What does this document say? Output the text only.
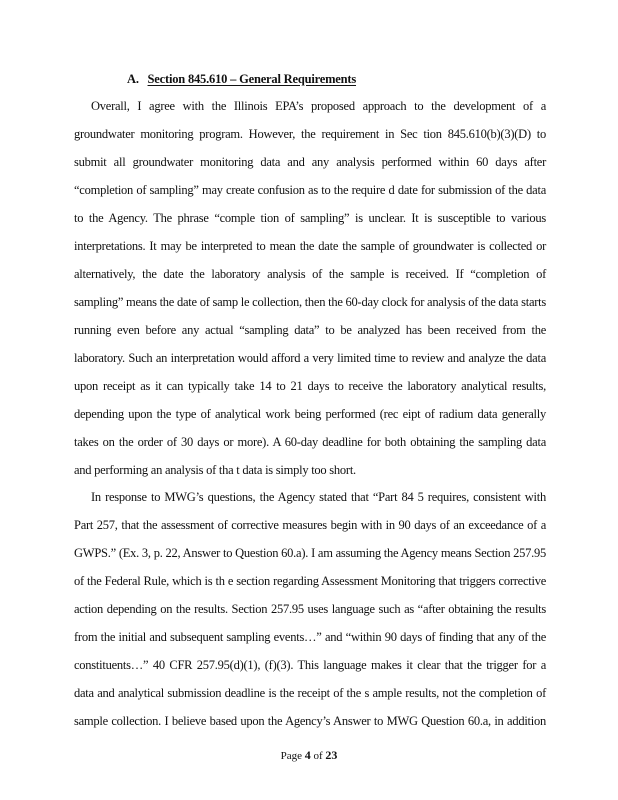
A. Section 845.610 – General Requirements
Overall, I agree with the Illinois EPA’s proposed approach to the development of a
groundwater monitoring program. However, the requirement in Sec tion 845.610(b)(3)(D) to
submit all groundwater monitoring data and any analysis performed within 60 days after
“completion of sampling” may create confusion as to the require d date for submission of the data
to the Agency. The phrase “comple tion of sampling” is unclear. It is susceptible to various
interpretations. It may be interpreted to mean the date the sample of groundwater is collected or
alternatively, the date the laboratory analysis of the sample is received. If “completion of
sampling” means the date of samp le collection, then the 60-day clock for analysis of the data starts
running even before any actual “sampling data” to be analyzed has been received from the
laboratory. Such an interpretation would afford a very limited time to review and analyze the data
upon receipt as it can typically take 14 to 21 days to receive the laboratory analytical results,
depending upon the type of analytical work being performed (rec eipt of radium data generally
takes on the order of 30 days or more). A 60-day deadline for both obtaining the sampling data
and performing an analysis of tha t data is simply too short.
In response to MWG’s questions, the Agency stated that “Part 84 5 requires, consistent with
Part 257, that the assessment of corrective measures begin with in 90 days of an exceedance of a
GWPS.” (Ex. 3, p. 22, Answer to Question 60.a). I am assuming the Agency means Section 257.95
of the Federal Rule, which is th e section regarding Assessment Monitoring that triggers corrective
action depending on the results. Section 257.95 uses language such as “after obtaining the results
from the initial and subsequent sampling events…” and “within 90 days of finding that any of the
constituents…” 40 CFR 257.95(d)(1), (f)(3). This language makes it clear that the trigger for a
data and analytical submission deadline is the receipt of the s ample results, not the completion of
sample collection. I believe based upon the Agency’s Answer to MWG Question 60.a, in addition
Page 4 of 23
